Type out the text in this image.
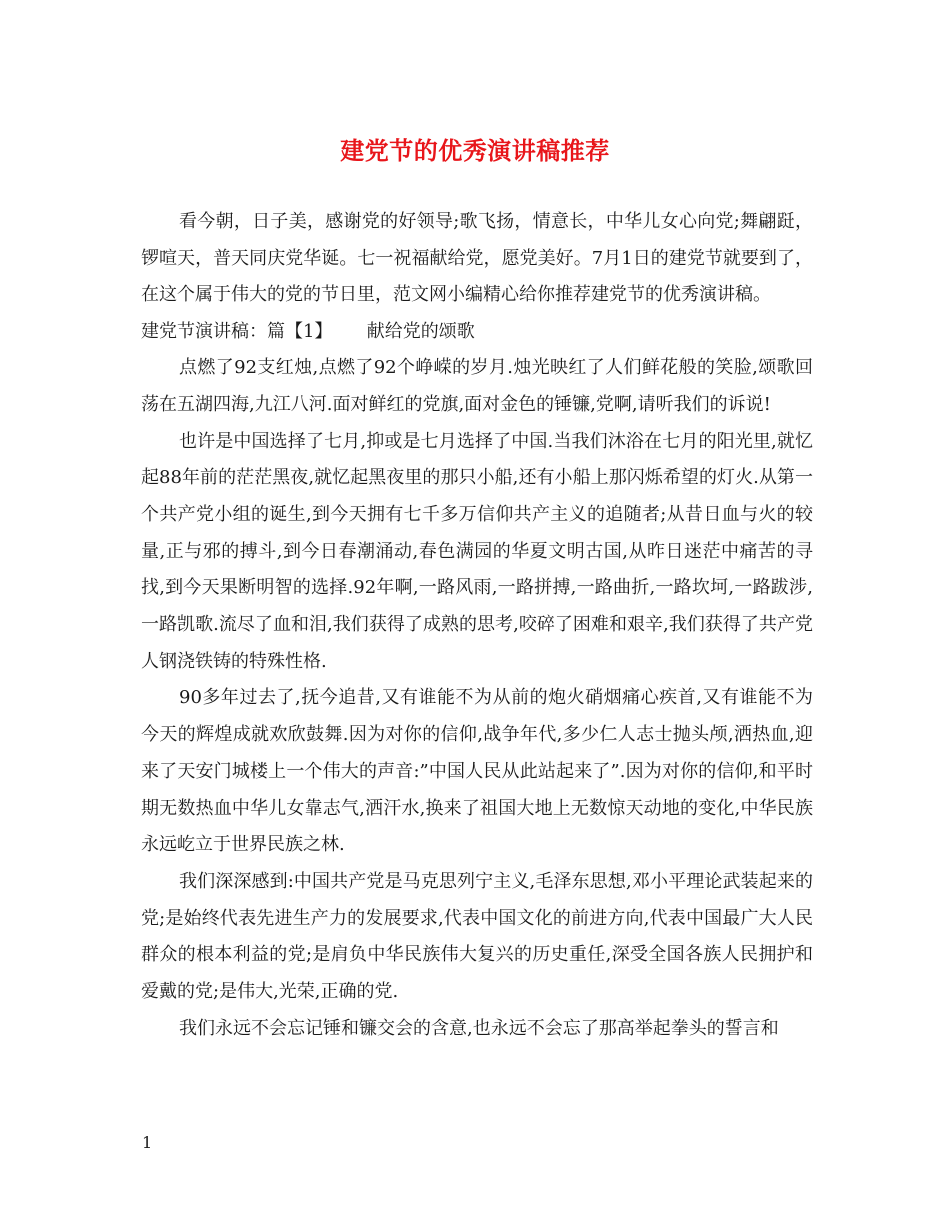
建党节的优秀演讲稿推荐

看今朝，日子美，感谢党的好领导;歌飞扬，情意长，中华儿女心向党;舞翩跹，锣喧天，普天同庆党华诞。七一祝福献给党，愿党美好。7月1日的建党节就要到了，在这个属于伟大的党的节日里，范文网小编精心给你推荐建党节的优秀演讲稿。

建党节演讲稿：篇【1】      献给党的颂歌

点燃了92支红烛,点燃了92个峥嵘的岁月.烛光映红了人们鲜花般的笑脸,颂歌回荡在五湖四海,九江八河.面对鲜红的党旗,面对金色的锤镰,党啊,请听我们的诉说!

也许是中国选择了七月,抑或是七月选择了中国.当我们沐浴在七月的阳光里,就忆起88年前的茫茫黑夜,就忆起黑夜里的那只小船,还有小船上那闪烁希望的灯火.从第一个共产党小组的诞生,到今天拥有七千多万信仰共产主义的追随者;从昔日血与火的较量,正与邪的搏斗,到今日春潮涌动,春色满园的华夏文明古国,从昨日迷茫中痛苦的寻找,到今天果断明智的选择.92年啊,一路风雨,一路拼搏,一路曲折,一路坎坷,一路跋涉,一路凯歌.流尽了血和泪,我们获得了成熟的思考,咬碎了困难和艰辛,我们获得了共产党人钢浇铁铸的特殊性格.

90多年过去了,抚今追昔,又有谁能不为从前的炮火硝烟痛心疾首,又有谁能不为今天的辉煌成就欢欣鼓舞.因为对你的信仰,战争年代,多少仁人志士抛头颅,洒热血,迎来了天安门城楼上一个伟大的声音:”中国人民从此站起来了”.因为对你的信仰,和平时期无数热血中华儿女靠志气,洒汗水,换来了祖国大地上无数惊天动地的变化,中华民族永远屹立于世界民族之林.

我们深深感到:中国共产党是马克思列宁主义,毛泽东思想,邓小平理论武装起来的党;是始终代表先进生产力的发展要求,代表中国文化的前进方向,代表中国最广大人民群众的根本利益的党;是肩负中华民族伟大复兴的历史重任,深受全国各族人民拥护和爱戴的党;是伟大,光荣,正确的党.

我们永远不会忘记锤和镰交会的含意,也永远不会忘了那高举起拳头的誓言和

1
